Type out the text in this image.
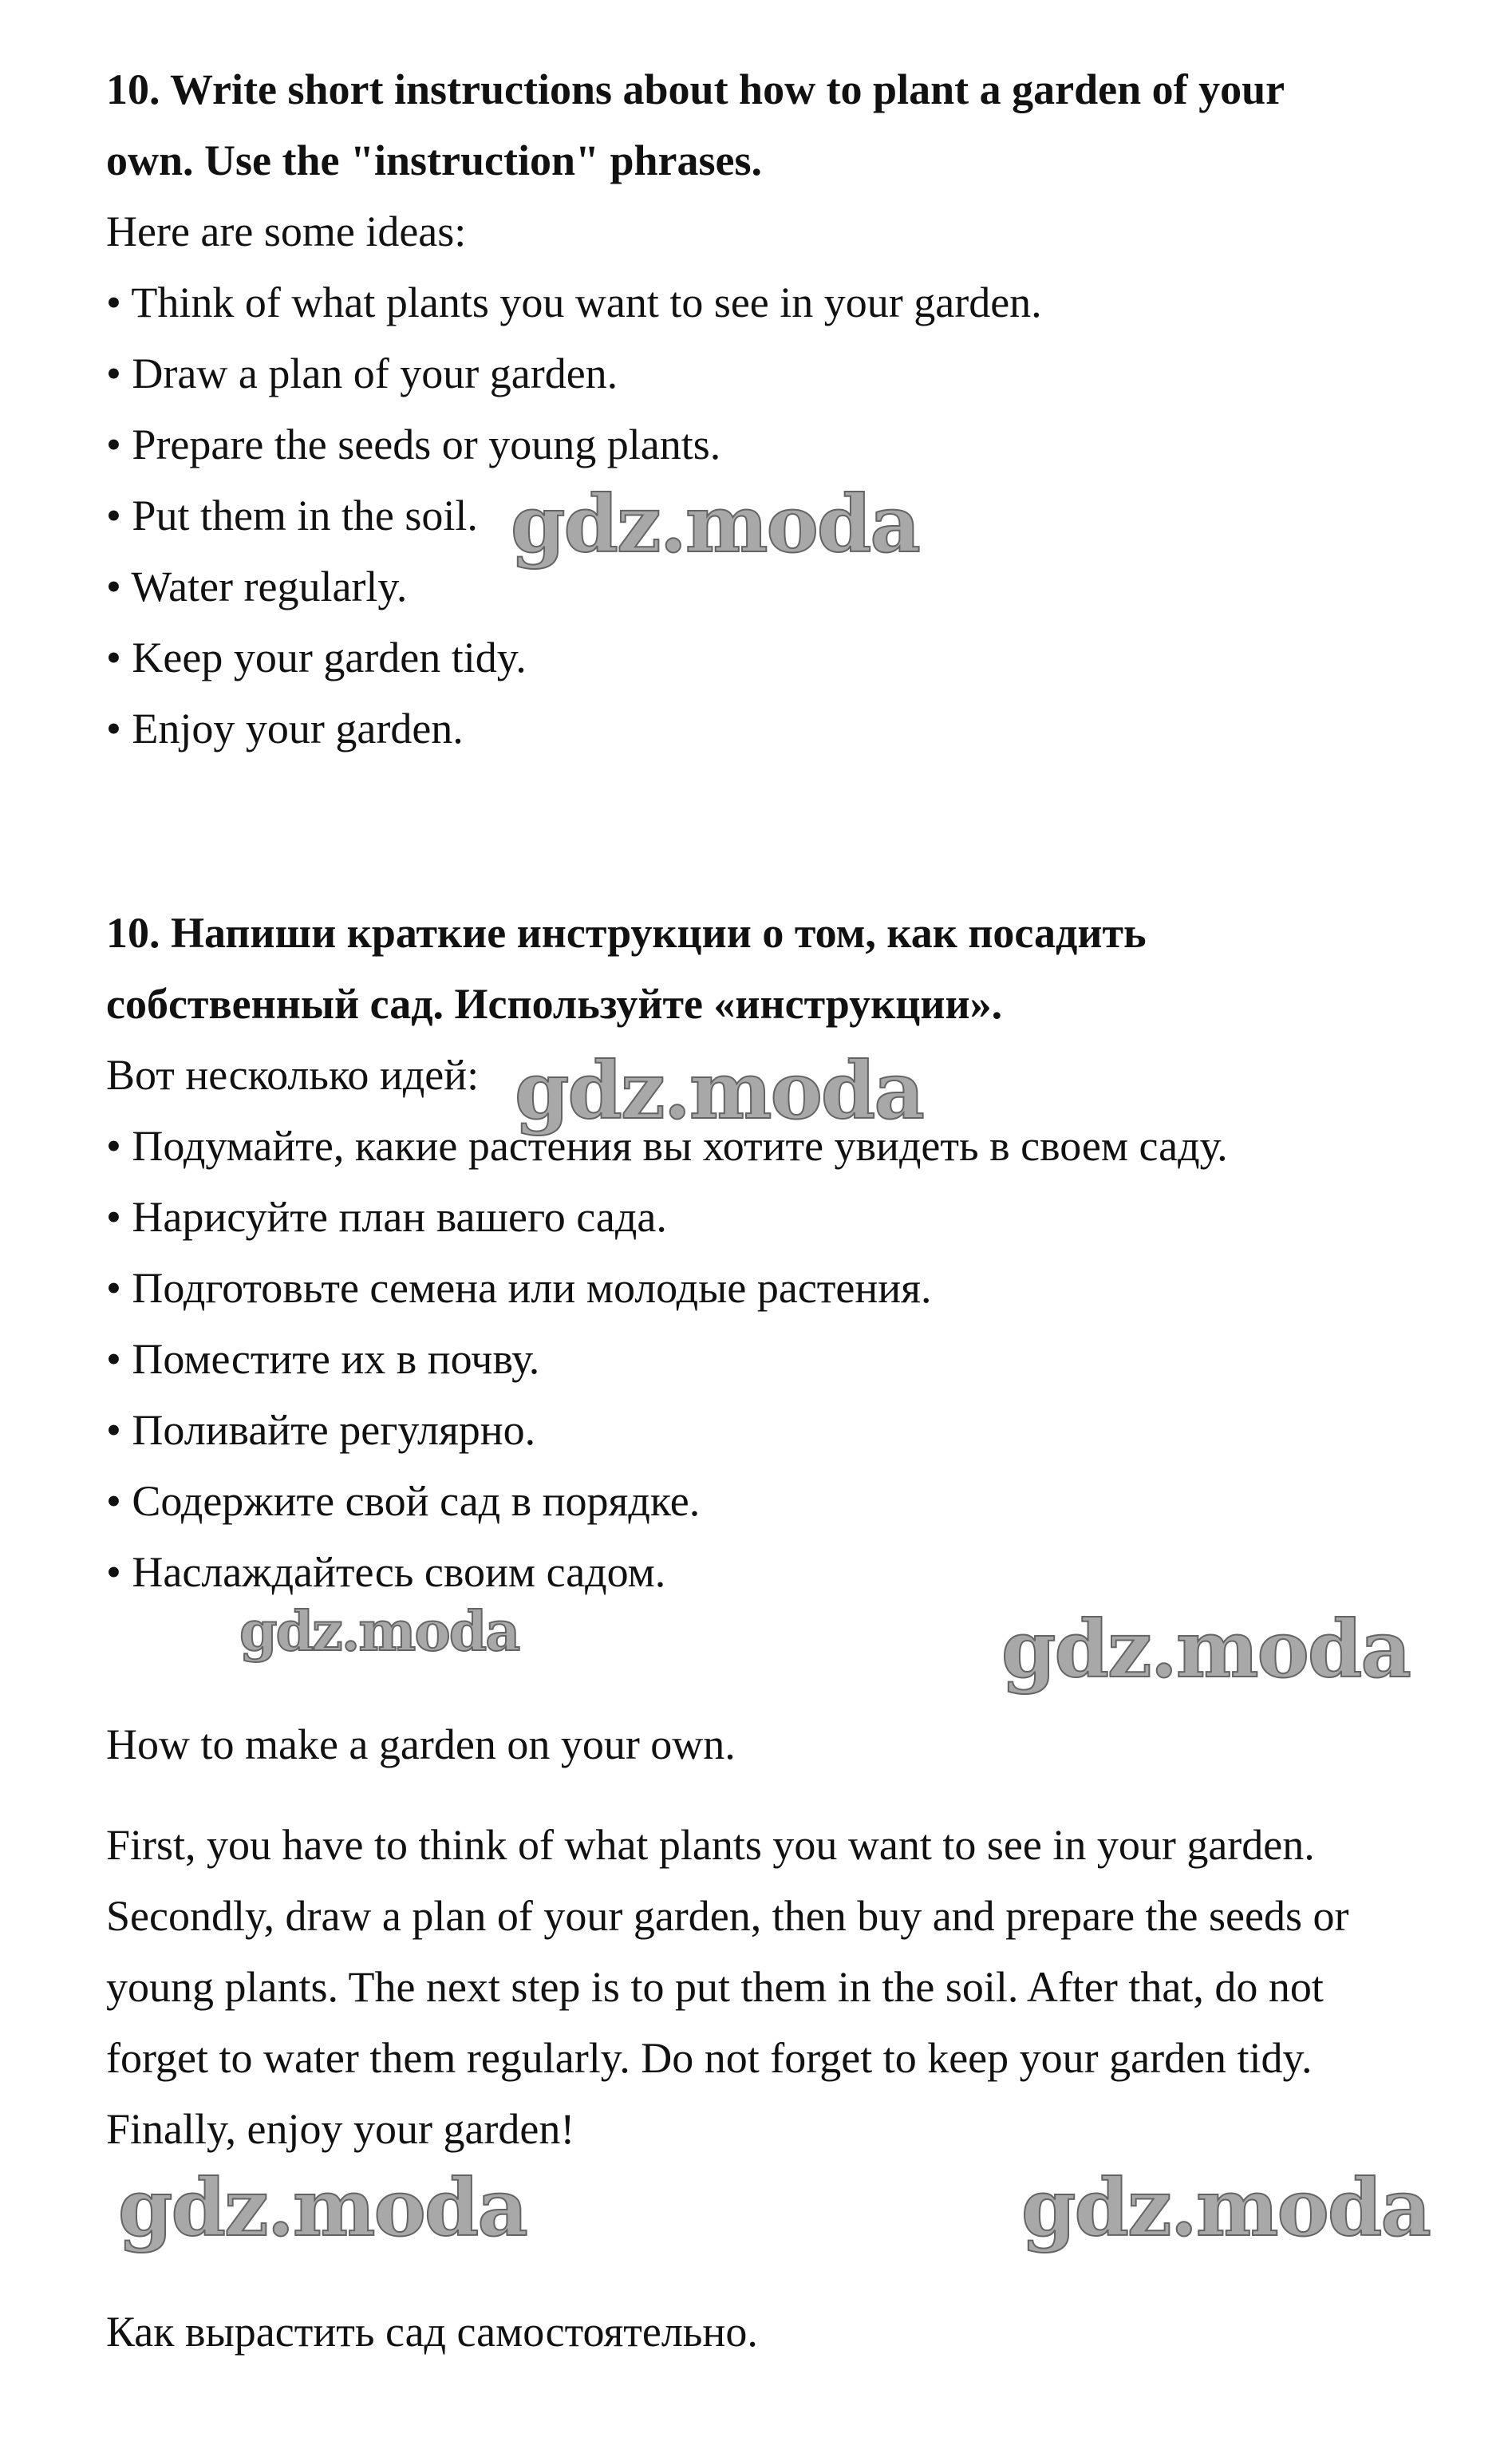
10. Write short instructions about how to plant a garden of your
own. Use the "instruction" phrases.
Here are some ideas:
• Think of what plants you want to see in your garden.
• Draw a plan of your garden.
• Prepare the seeds or young plants.
• Put them in the soil.
• Water regularly.
• Keep your garden tidy.
• Enjoy your garden.
10. Напиши краткие инструкции о том, как посадить
собственный сад. Используйте «инструкции».
Вот несколько идей:
• Подумайте, какие растения вы хотите увидеть в своем саду.
• Нарисуйте план вашего сада.
• Подготовьте семена или молодые растения.
• Поместите их в почву.
• Поливайте регулярно.
• Содержите свой сад в порядке.
• Наслаждайтесь своим садом.
How to make a garden on your own.
First, you have to think of what plants you want to see in your garden.
Secondly, draw a plan of your garden, then buy and prepare the seeds or
young plants. The next step is to put them in the soil. After that, do not
forget to water them regularly. Do not forget to keep your garden tidy.
Finally, enjoy your garden!
Как вырастить сад самостоятельно.
gdz.moda
gdz.moda
gdz.moda	gdz.moda
gdz.moda	gdz.moda
